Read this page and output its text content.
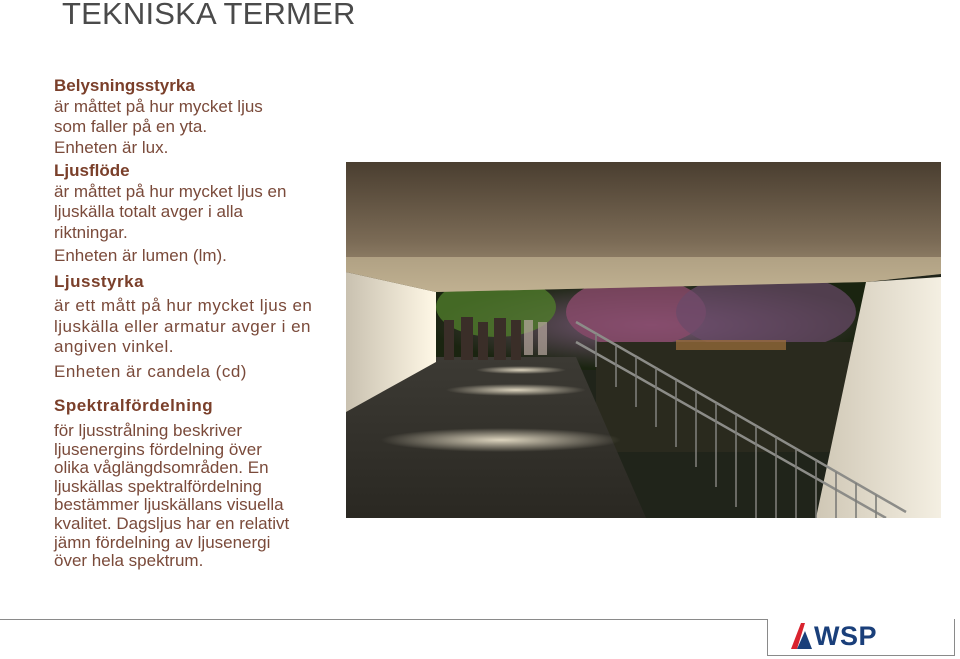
TEKNISKA TERMER

Belysningsstyrka

är måttet på hur mycket ljus

som faller på en yta.

Enheten är lux.

Ljusflöde

är måttet på hur mycket ljus en

ljuskälla totalt avger i alla

riktningar.

Enheten är lumen (lm).

Ljusstyrka

är ett mått på hur mycket ljus en

ljuskälla eller armatur avger i en

angiven vinkel.

Enheten är candela (cd)

Spektralfördelning

för ljusstrålning beskriver

ljusenergins fördelning över

olika våglängdsområden. En

ljuskällas spektralfördelning

bestämmer ljuskällans visuella

kvalitet. Dagsljus har en relativt

jämn fördelning av ljusenergi

över hela spektrum.

WSP
